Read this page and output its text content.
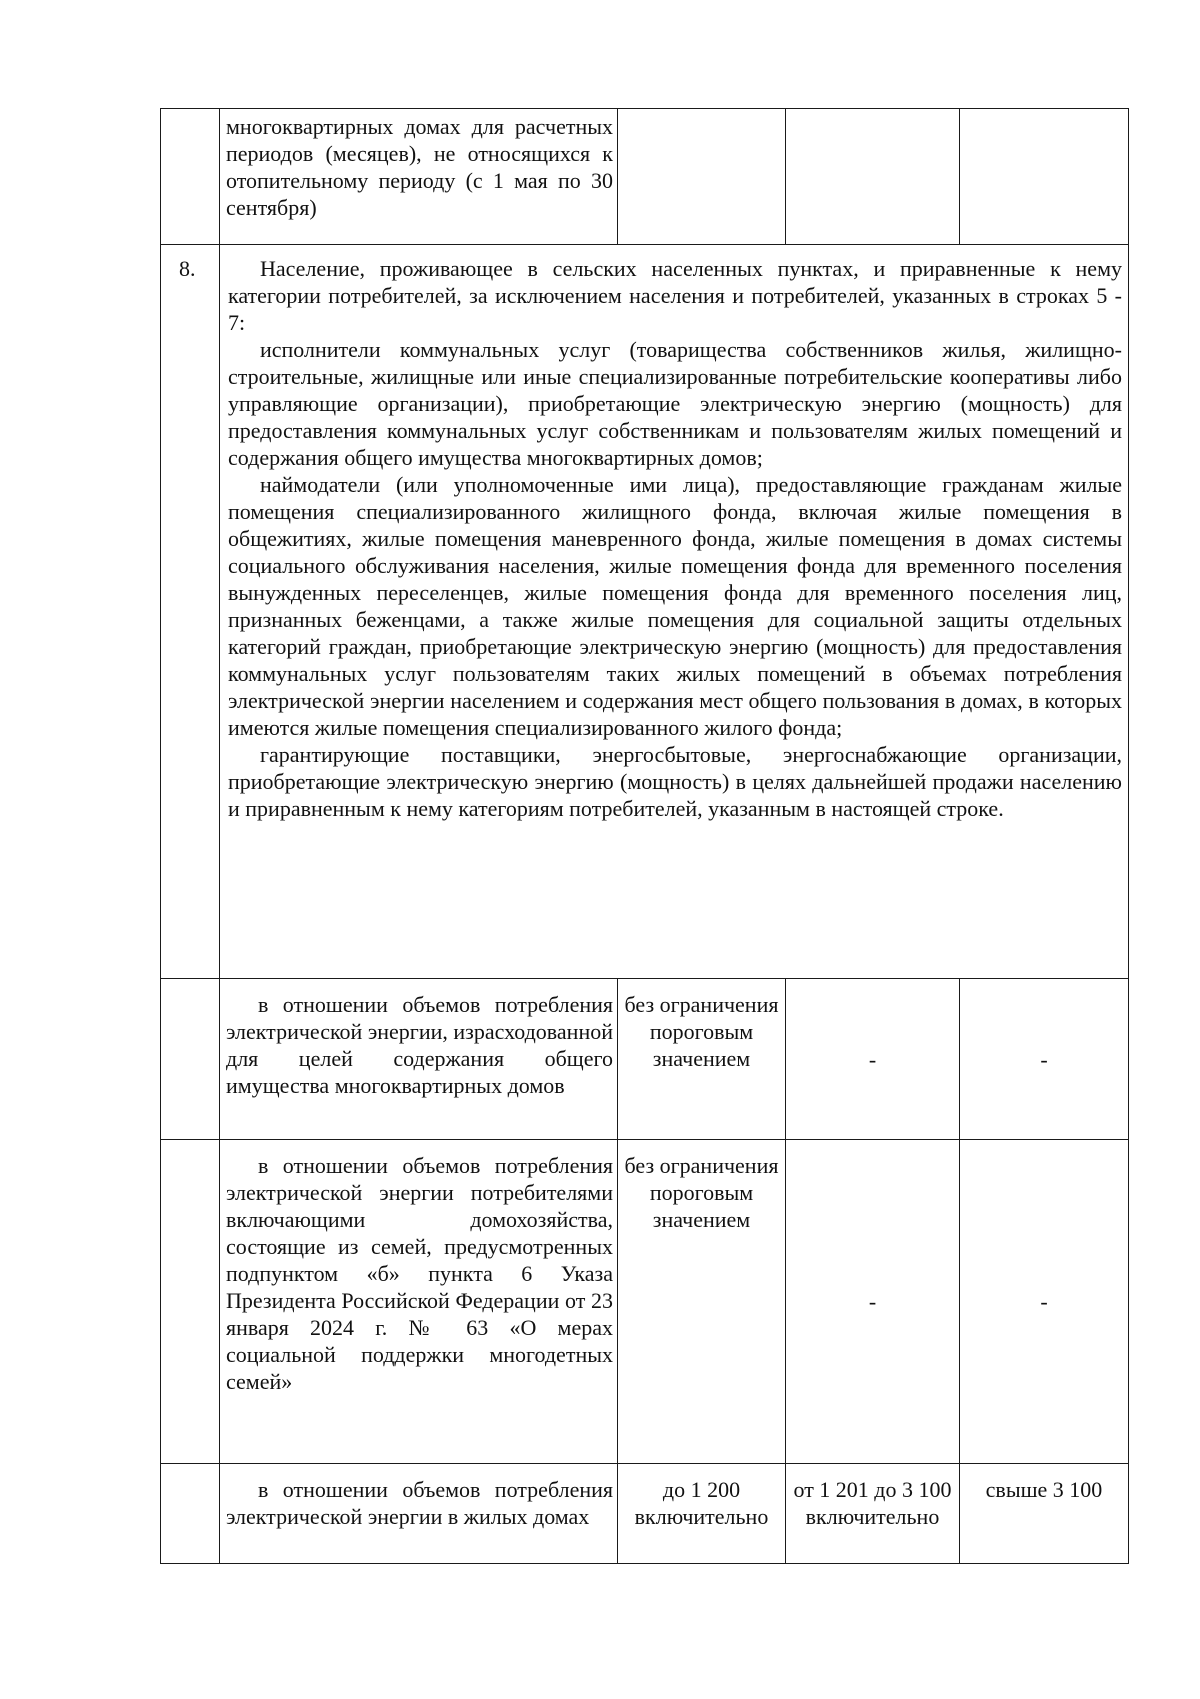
	многоквартирных домах для расчетных периодов (месяцев), не относящихся к отопительному периоду (с 1 мая по 30 сентября)			
8.	Население, проживающее в сельских населенных пунктах, и приравненные к нему категории потребителей, за исключением населения и потребителей, указанных в строках 5 - 7:

исполнители коммунальных услуг (товарищества собственников жилья, жилищно-строительные, жилищные или иные специализированные потребительские кооперативы либо управляющие организации), приобретающие электрическую энергию (мощность) для предоставления коммунальных услуг собственникам и пользователям жилых помещений и содержания общего имущества многоквартирных домов;

наймодатели (или уполномоченные ими лица), предоставляющие гражданам жилые помещения специализированного жилищного фонда, включая жилые помещения в общежитиях, жилые помещения маневренного фонда, жилые помещения в домах системы социального обслуживания населения, жилые помещения фонда для временного поселения вынужденных переселенцев, жилые помещения фонда для временного поселения лиц, признанных беженцами, а также жилые помещения для социальной защиты отдельных категорий граждан, приобретающие электрическую энергию (мощность) для предоставления коммунальных услуг пользователям таких жилых помещений в объемах потребления электрической энергии населением и содержания мест общего пользования в домах, в которых имеются жилые помещения специализированного жилого фонда;

гарантирующие поставщики, энергосбытовые, энергоснабжающие организации, приобретающие электрическую энергию (мощность) в целях дальнейшей продажи населению и приравненным к нему категориям потребителей, указанным в настоящей строке.			

	в отношении объемов потребления электрической энергии, израсходованной для целей содержания общего имущества многоквартирных домов	без ограничения пороговым значением	-	-
	в отношении объемов потребления электрической энергии потребителями включающими домохозяйства, состоящие из семей, предусмотренных подпунктом «б» пункта 6 Указа Президента Российской Федерации от 23 января 2024 г. № 63 «О мерах социальной поддержки многодетных семей»	без ограничения пороговым значением	-	-
	в отношении объемов потребления электрической энергии в жилых домах	до 1 200 включительно	от 1 201 до 3 100 включительно	свыше 3 100
